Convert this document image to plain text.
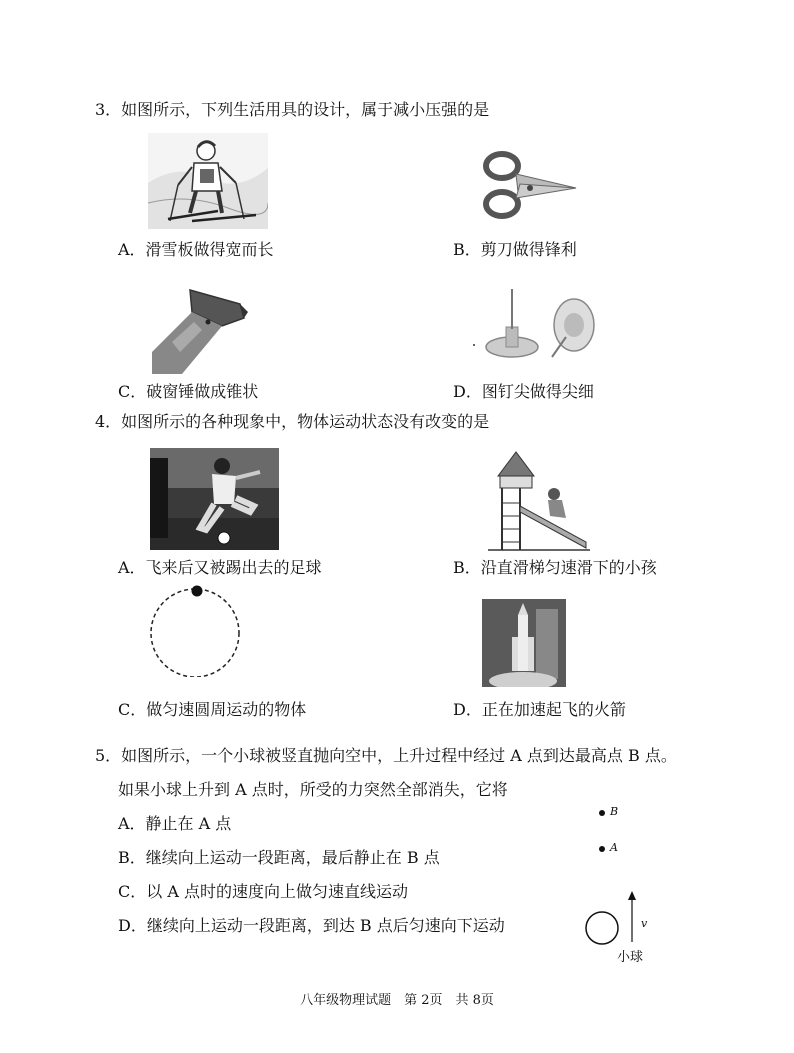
3．如图所示，下列生活用具的设计，属于减小压强的是
A．滑雪板做得宽而长	B．剪刀做得锋利
C．破窗锤做成锥状	D．图钉尖做得尖细
4．如图所示的各种现象中，物体运动状态没有改变的是
A．飞来后又被踢出去的足球	B．沿直滑梯匀速滑下的小孩
C．做匀速圆周运动的物体	D．正在加速起飞的火箭
5．如图所示，一个小球被竖直抛向空中，上升过程中经过 A 点到达最高点 B 点。
如果小球上升到 A 点时，所受的力突然全部消失，它将
A．静止在 A 点
B．继续向上运动一段距离，最后静止在 B 点
C．以 A 点时的速度向上做匀速直线运动
D．继续向上运动一段距离，到达 B 点后匀速向下运动
B
A
v
小球
八年级物理试题　第 2页　共 8页
